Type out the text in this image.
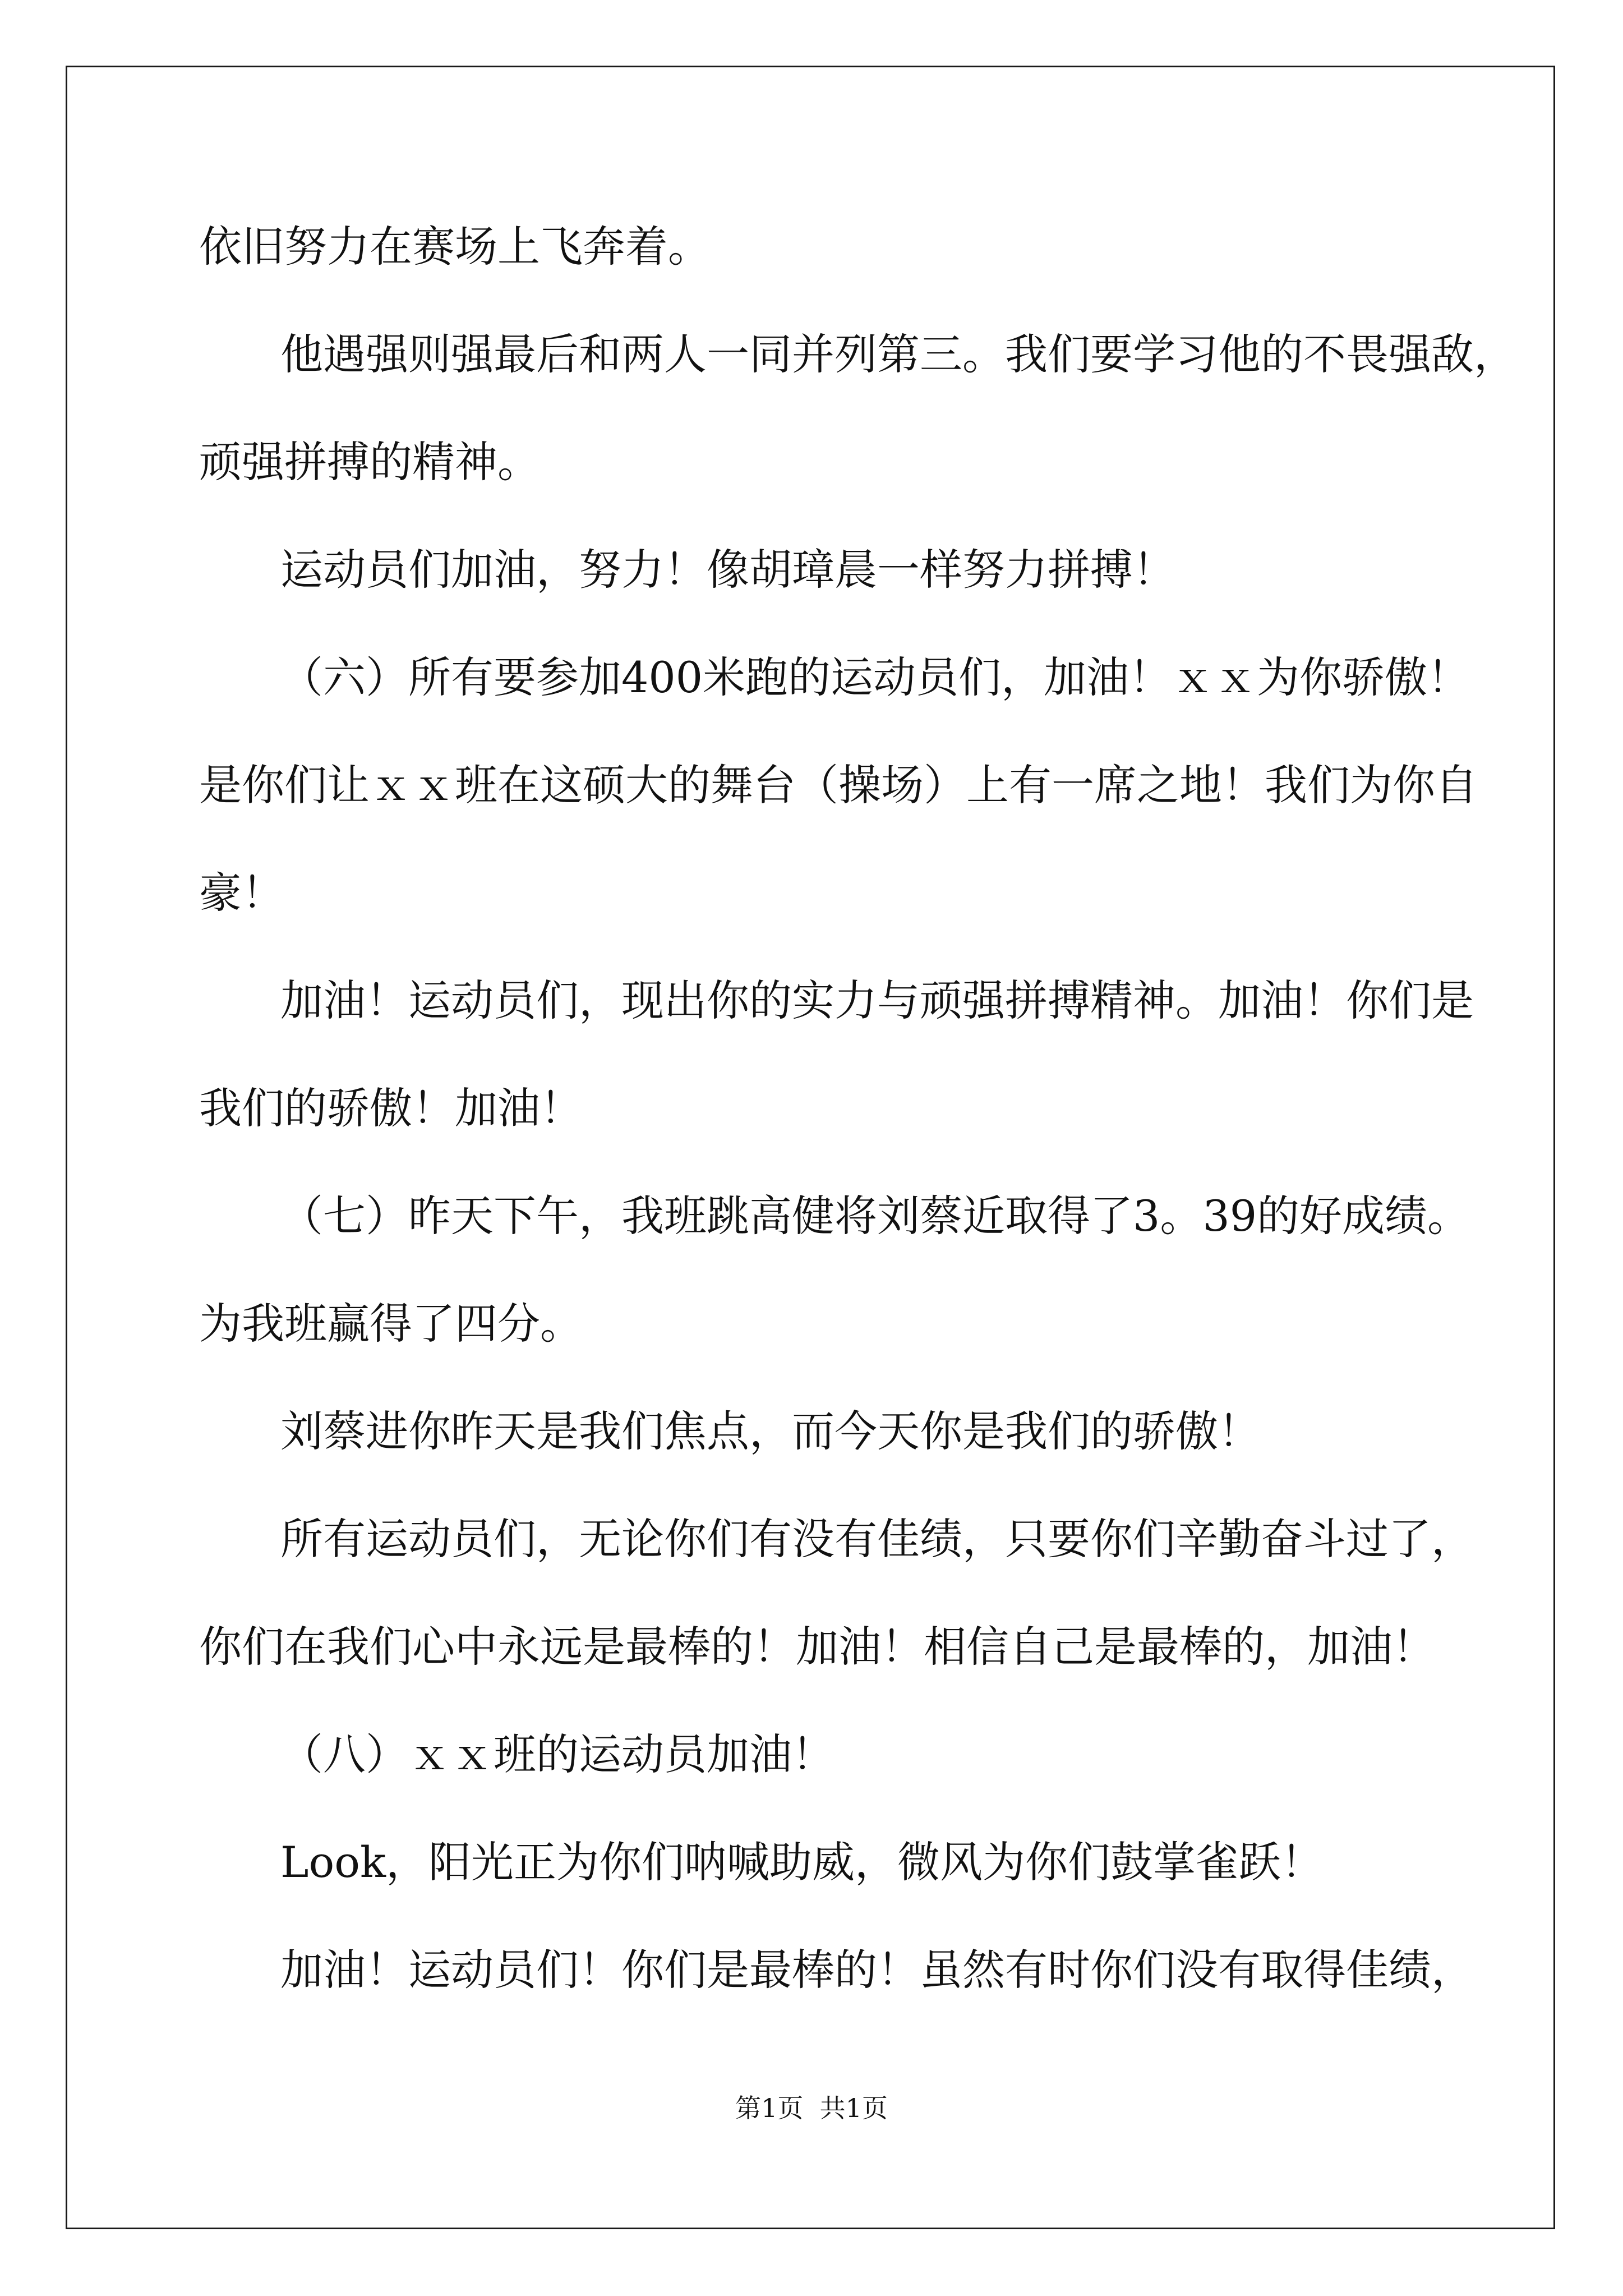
依旧努力在赛场上飞奔着。

他遇强则强最后和两人一同并列第三。我们要学习他的不畏强敌，

顽强拼搏的精神。

运动员们加油，努力！像胡璋晨一样努力拼搏！

（六）所有要参加400米跑的运动员们，加油！ｘｘ为你骄傲！

是你们让ｘｘ班在这硕大的舞台（操场）上有一席之地！我们为你自

豪！

加油！运动员们，现出你的实力与顽强拼搏精神。加油！你们是

我们的骄傲！加油！

（七）昨天下午，我班跳高健将刘蔡近取得了3。39的好成绩。

为我班赢得了四分。

刘蔡进你昨天是我们焦点，而今天你是我们的骄傲！

所有运动员们，无论你们有没有佳绩，只要你们辛勤奋斗过了，

你们在我们心中永远是最棒的！加油！相信自己是最棒的，加油！

（八）ｘｘ班的运动员加油！

Look，阳光正为你们呐喊助威，微风为你们鼓掌雀跃！

加油！运动员们！你们是最棒的！虽然有时你们没有取得佳绩，

第1页  共1页
